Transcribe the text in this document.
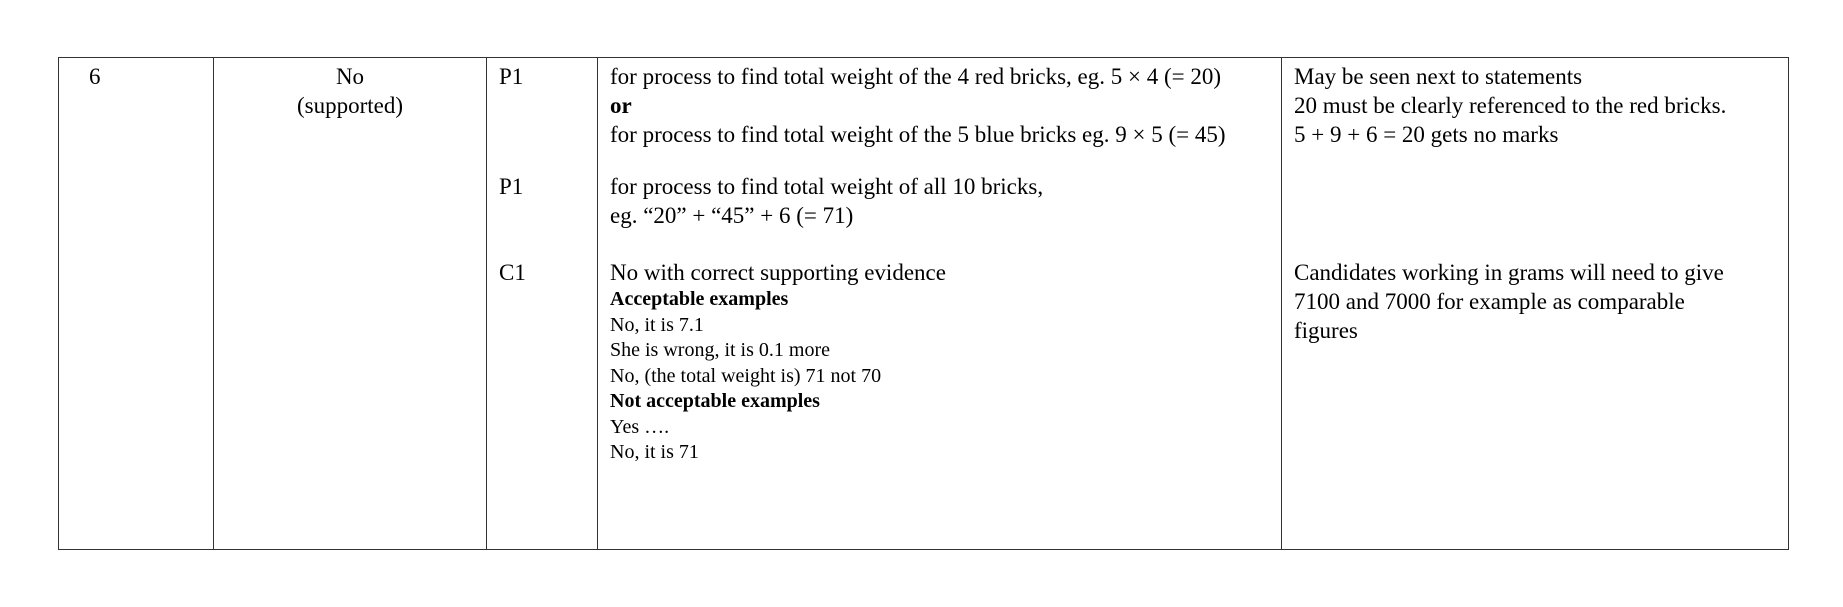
6	No
(supported)
P1
P1
C1
for process to find total weight of the 4 red bricks, eg. 5 × 4 (= 20)
or
for process to find total weight of the 5 blue bricks eg. 9 × 5 (= 45)
for process to find total weight of all 10 bricks,
eg. “20” + “45” + 6 (= 71)
No with correct supporting evidence
Acceptable examples
No, it is 7.1
She is wrong, it is 0.1 more
No, (the total weight is) 71 not 70
Not acceptable examples
Yes ….
No, it is 71
May be seen next to statements
20 must be clearly referenced to the red bricks.
5 + 9 + 6 = 20 gets no marks
Candidates working in grams will need to give
7100 and 7000 for example as comparable
figures
